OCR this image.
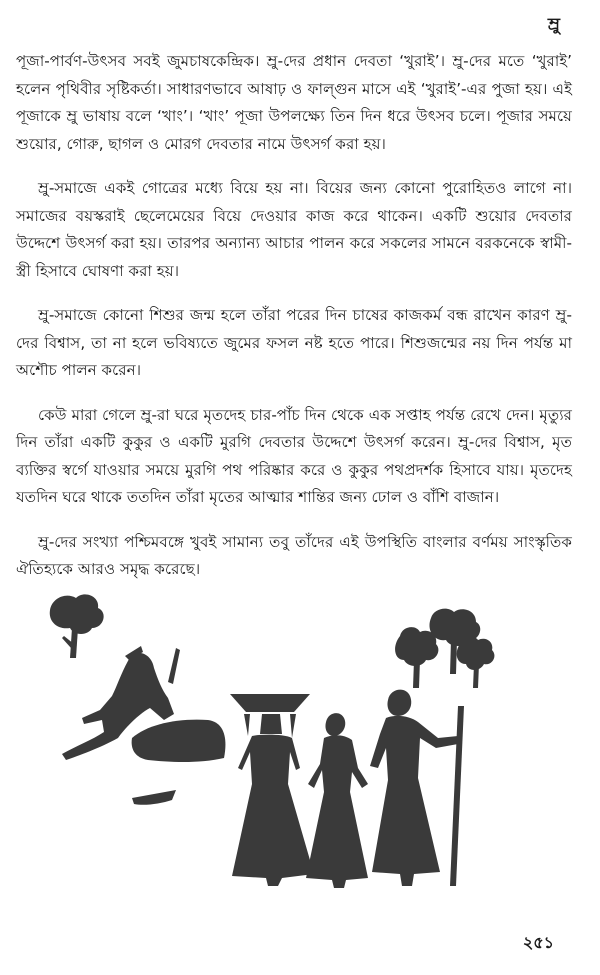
ম্রু

পূজা-পার্বণ-উৎসব সবই জুমচাষকেন্দ্রিক। ম্রু-দের প্রধান দেবতা ‘খুরাই’। ম্রু-দের মতে ‘খুরাই’ হলেন পৃথিবীর সৃষ্টিকর্তা। সাধারণভাবে আষাঢ় ও ফাল্গুন মাসে এই ‘খুরাই’-এর পুজা হয়। এই পূজাকে ম্রু ভাষায় বলে ‘খাং’। ‘খাং’ পূজা উপলক্ষ্যে তিন দিন ধরে উৎসব চলে। পূজার সময়ে শুয়োর, গোরু, ছাগল ও মোরগ দেবতার নামে উৎসর্গ করা হয়।

ম্রু-সমাজে একই গোত্রের মধ্যে বিয়ে হয় না। বিয়ের জন্য কোনো পুরোহিতও লাগে না। সমাজের বয়স্করাই ছেলেমেয়ের বিয়ে দেওয়ার কাজ করে থাকেন। একটি শুয়োর দেবতার উদ্দেশে উৎসর্গ করা হয়। তারপর অন্যান্য আচার পালন করে সকলের সামনে বরকনেকে স্বামী-স্ত্রী হিসাবে ঘোষণা করা হয়।

ম্রু-সমাজে কোনো শিশুর জন্ম হলে তাঁরা পরের দিন চাষের কাজকর্ম বন্ধ রাখেন কারণ ম্রু-দের বিশ্বাস, তা না হলে ভবিষ্যতে জুমের ফসল নষ্ট হতে পারে। শিশুজন্মের নয় দিন পর্যন্ত মা অশৌচ পালন করেন।

কেউ মারা গেলে ম্রু-রা ঘরে মৃতদেহ চার-পাঁচ দিন থেকে এক সপ্তাহ পর্যন্ত রেখে দেন। মৃত্যুর দিন তাঁরা একটি কুকুর ও একটি মুরগি দেবতার উদ্দেশে উৎসর্গ করেন। ম্রু-দের বিশ্বাস, মৃত ব্যক্তির স্বর্গে যাওয়ার সময়ে মুরগি পথ পরিষ্কার করে ও কুকুর পথপ্রদর্শক হিসাবে যায়। মৃতদেহ যতদিন ঘরে থাকে ততদিন তাঁরা মৃতের আত্মার শান্তির জন্য ঢোল ও বাঁশি বাজান।

ম্রু-দের সংখ্যা পশ্চিমবঙ্গে খুবই সামান্য তবু তাঁদের এই উপস্থিতি বাংলার বর্ণময় সাংস্কৃতিক ঐতিহ্যকে আরও সমৃদ্ধ করেছে।

২৫১
